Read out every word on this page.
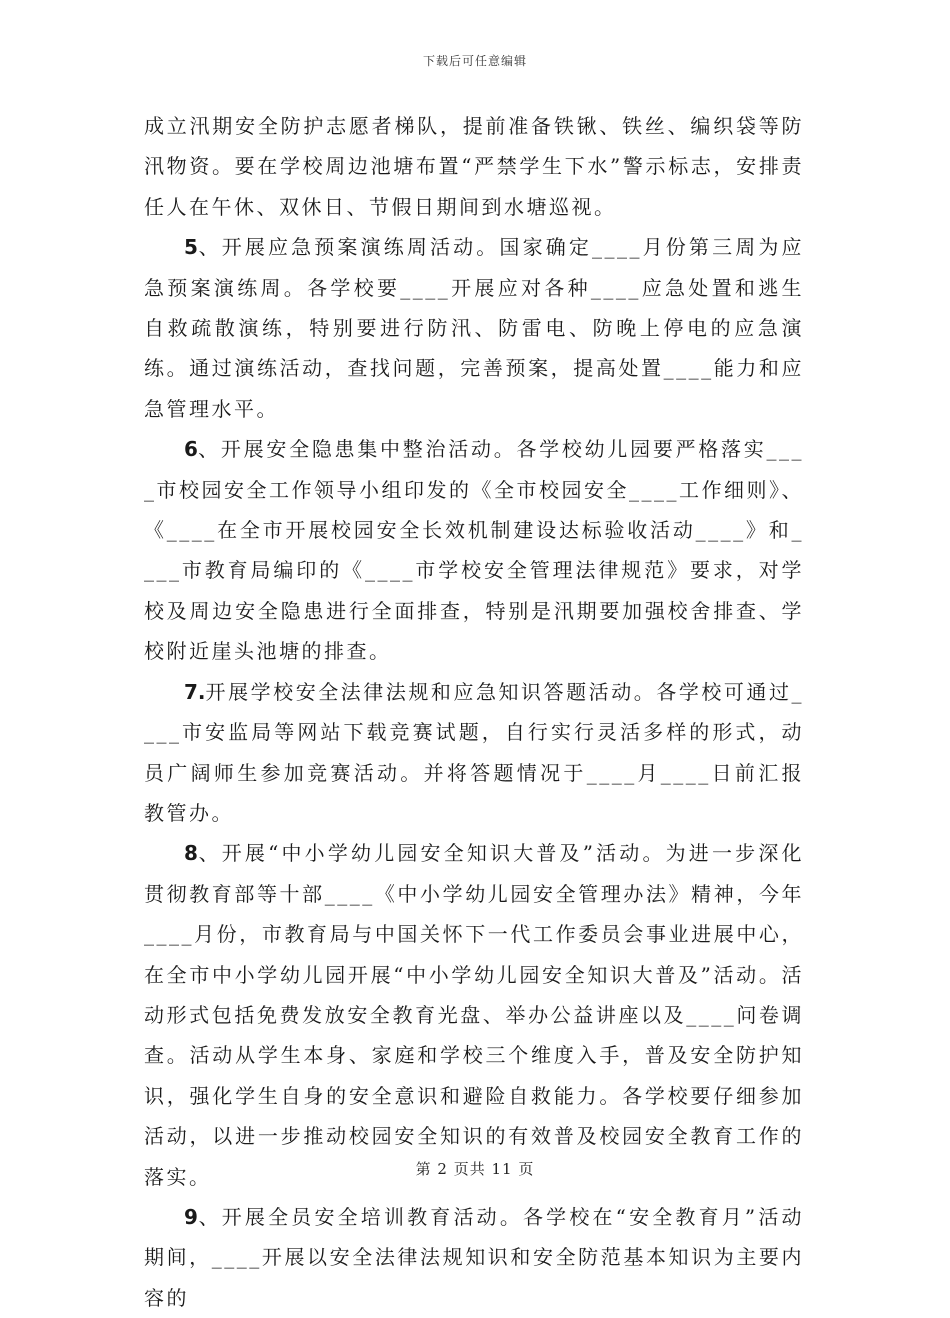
下载后可任意编辑

成立汛期安全防护志愿者梯队，提前准备铁锹、铁丝、编织袋等防汛物资。要在学校周边池塘布置“严禁学生下水”警示标志，安排责任人在午休、双休日、节假日期间到水塘巡视。

5、开展应急预案演练周活动。国家确定____月份第三周为应急预案演练周。各学校要____开展应对各种____应急处置和逃生自救疏散演练，特别要进行防汛、防雷电、防晚上停电的应急演练。通过演练活动，查找问题，完善预案，提高处置____能力和应急管理水平。

6、开展安全隐患集中整治活动。各学校幼儿园要严格落实____市校园安全工作领导小组印发的《全市校园安全____工作细则》、《____在全市开展校园安全长效机制建设达标验收活动____》和____市教育局编印的《____市学校安全管理法律规范》要求，对学校及周边安全隐患进行全面排查，特别是汛期要加强校舍排查、学校附近崖头池塘的排查。

7.开展学校安全法律法规和应急知识答题活动。各学校可通过____市安监局等网站下载竞赛试题，自行实行灵活多样的形式，动员广阔师生参加竞赛活动。并将答题情况于____月____日前汇报教管办。

8、开展“中小学幼儿园安全知识大普及”活动。为进一步深化贯彻教育部等十部____《中小学幼儿园安全管理办法》精神，今年____月份，市教育局与中国关怀下一代工作委员会事业进展中心，在全市中小学幼儿园开展“中小学幼儿园安全知识大普及”活动。活动形式包括免费发放安全教育光盘、举办公益讲座以及____问卷调查。活动从学生本身、家庭和学校三个维度入手，普及安全防护知识，强化学生自身的安全意识和避险自救能力。各学校要仔细参加活动，以进一步推动校园安全知识的有效普及校园安全教育工作的落实。

9、开展全员安全培训教育活动。各学校在“安全教育月”活动期间，____开展以安全法律法规知识和安全防范基本知识为主要内容的

第 2 页共 11 页
